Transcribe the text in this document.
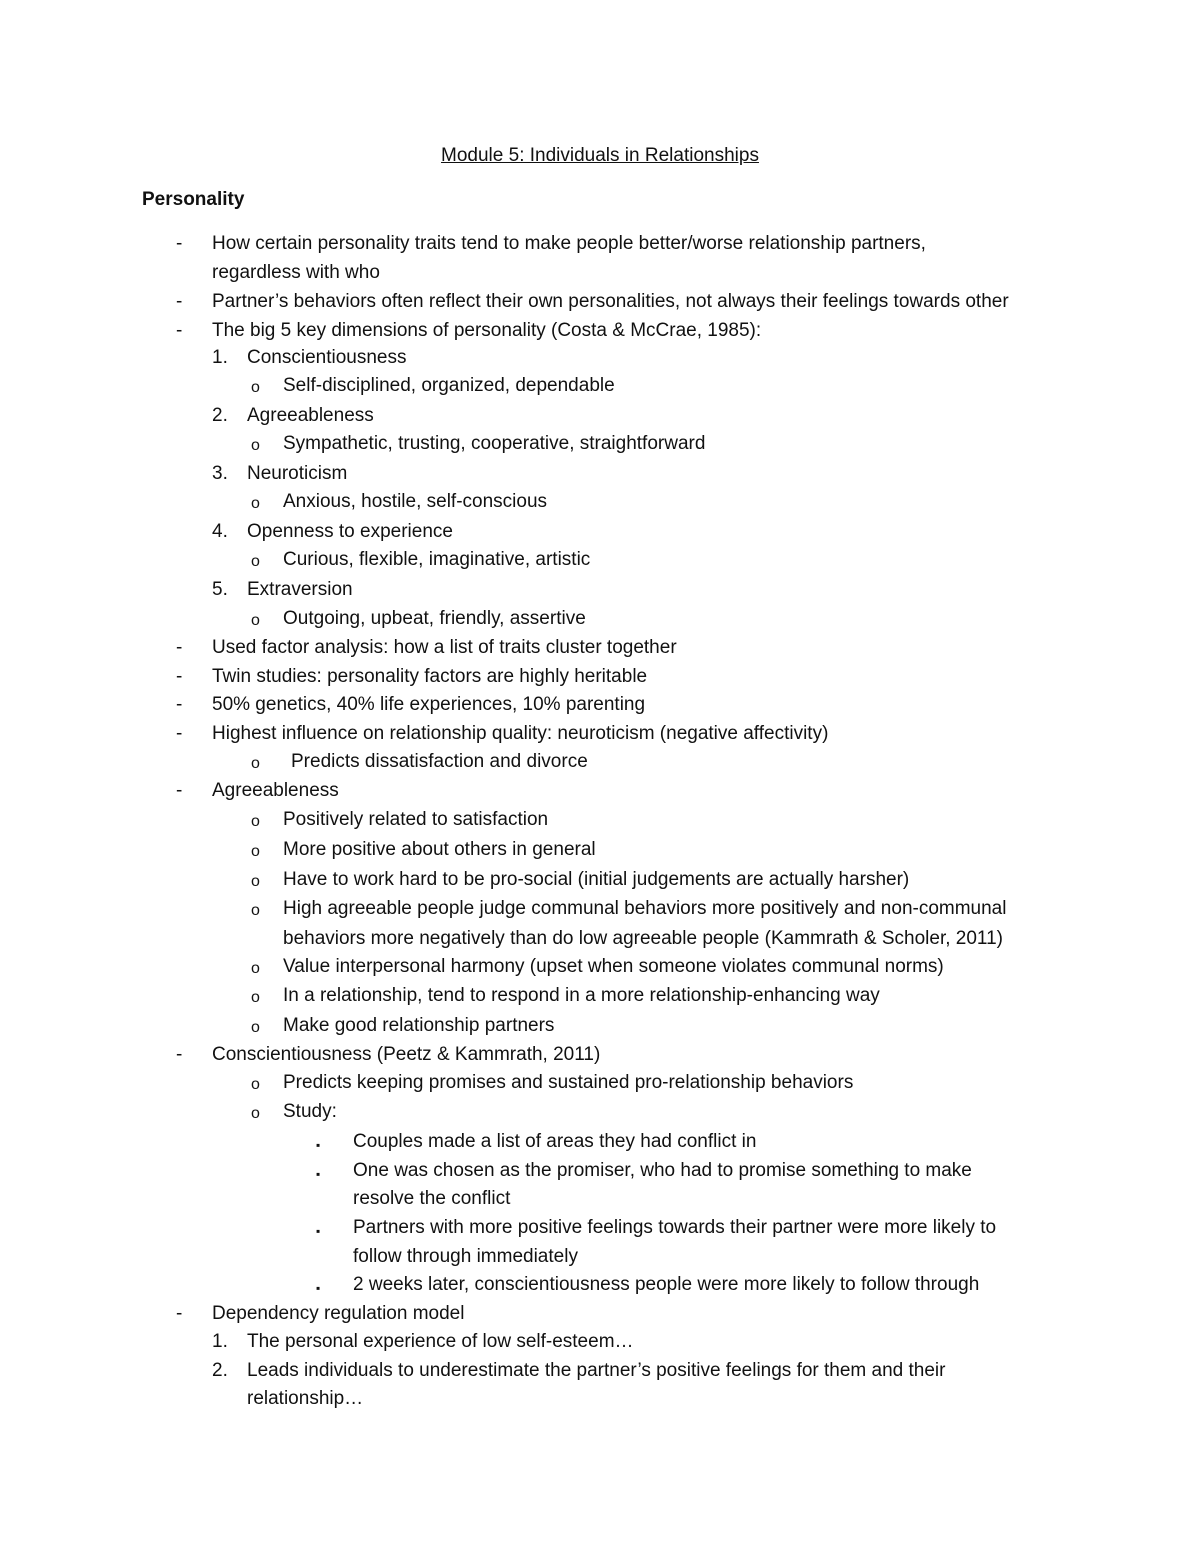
Module 5: Individuals in Relationships
Personality
- How certain personality traits tend to make people better/worse relationship partners,
regardless with who
- Partner’s behaviors often reflect their own personalities, not always their feelings towards other
- The big 5 key dimensions of personality (Costa & McCrae, 1985):
1. Conscientiousness
o Self-disciplined, organized, dependable
2. Agreeableness
o Sympathetic, trusting, cooperative, straightforward
3. Neuroticism
o Anxious, hostile, self-conscious
4. Openness to experience
o Curious, flexible, imaginative, artistic
5. Extraversion
o Outgoing, upbeat, friendly, assertive
- Used factor analysis: how a list of traits cluster together
- Twin studies: personality factors are highly heritable
- 50% genetics, 40% life experiences, 10% parenting
- Highest influence on relationship quality: neuroticism (negative affectivity)
o Predicts dissatisfaction and divorce
- Agreeableness
o Positively related to satisfaction
o More positive about others in general
o Have to work hard to be pro-social (initial judgements are actually harsher)
o High agreeable people judge communal behaviors more positively and non-communal
behaviors more negatively than do low agreeable people (Kammrath & Scholer, 2011)
o Value interpersonal harmony (upset when someone violates communal norms)
o In a relationship, tend to respond in a more relationship-enhancing way
o Make good relationship partners
- Conscientiousness (Peetz & Kammrath, 2011)
o Predicts keeping promises and sustained pro-relationship behaviors
o Study:
▪ Couples made a list of areas they had conflict in
▪ One was chosen as the promiser, who had to promise something to make
resolve the conflict
▪ Partners with more positive feelings towards their partner were more likely to
follow through immediately
▪ 2 weeks later, conscientiousness people were more likely to follow through
- Dependency regulation model
1. The personal experience of low self-esteem…
2. Leads individuals to underestimate the partner’s positive feelings for them and their
relationship…
